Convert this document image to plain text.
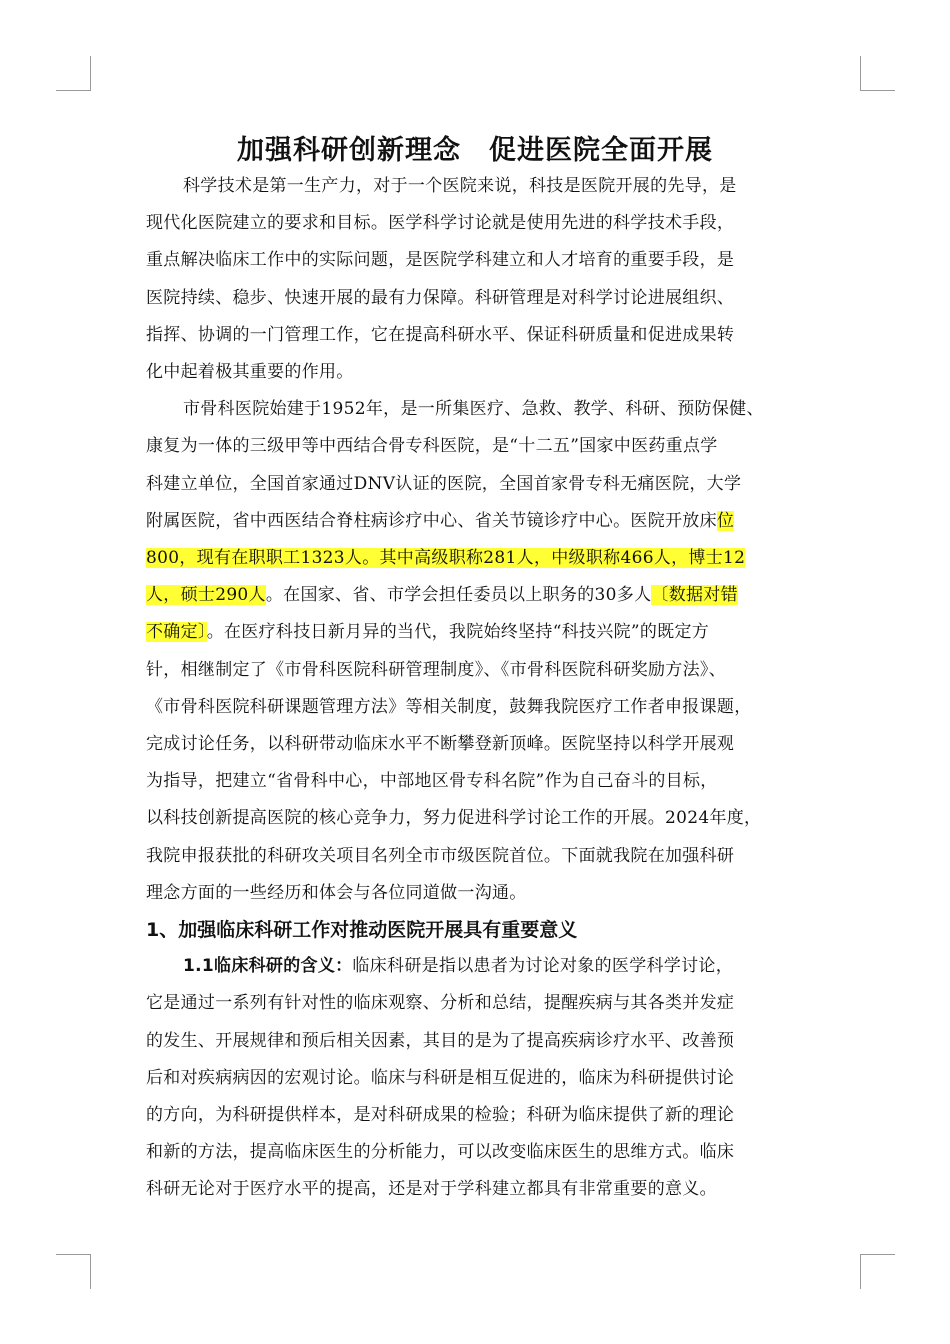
加强科研创新理念　促进医院全面开展

科学技术是第一生产力，对于一个医院来说，科技是医院开展的先导，是

现代化医院建立的要求和目标。医学科学讨论就是使用先进的科学技术手段，

重点解决临床工作中的实际问题，是医院学科建立和人才培育的重要手段，是

医院持续、稳步、快速开展的最有力保障。科研管理是对科学讨论进展组织、

指挥、协调的一门管理工作，它在提高科研水平、保证科研质量和促进成果转

化中起着极其重要的作用。

市骨科医院始建于1952年，是一所集医疗、急救、教学、科研、预防保健、

康复为一体的三级甲等中西结合骨专科医院，是“十二五”国家中医药重点学

科建立单位，全国首家通过DNV认证的医院，全国首家骨专科无痛医院，大学

附属医院，省中西医结合脊柱病诊疗中心、省关节镜诊疗中心。医院开放床位

800，现有在职职工1323人。其中高级职称281人，中级职称466人，博士12

人，硕士290人。在国家、省、市学会担任委员以上职务的30多人〔数据对错

不确定〕。在医疗科技日新月异的当代，我院始终坚持“科技兴院”的既定方

针，相继制定了《市骨科医院科研管理制度》、《市骨科医院科研奖励方法》、

《市骨科医院科研课题管理方法》等相关制度，鼓舞我院医疗工作者申报课题，

完成讨论任务，以科研带动临床水平不断攀登新顶峰。医院坚持以科学开展观

为指导，把建立“省骨科中心，中部地区骨专科名院”作为自己奋斗的目标，

以科技创新提高医院的核心竞争力，努力促进科学讨论工作的开展。2024年度，

我院申报获批的科研攻关项目名列全市市级医院首位。下面就我院在加强科研

理念方面的一些经历和体会与各位同道做一沟通。

1、加强临床科研工作对推动医院开展具有重要意义

1.1临床科研的含义：临床科研是指以患者为讨论对象的医学科学讨论，

它是通过一系列有针对性的临床观察、分析和总结，提醒疾病与其各类并发症

的发生、开展规律和预后相关因素，其目的是为了提高疾病诊疗水平、改善预

后和对疾病病因的宏观讨论。临床与科研是相互促进的，临床为科研提供讨论

的方向，为科研提供样本，是对科研成果的检验；科研为临床提供了新的理论

和新的方法，提高临床医生的分析能力，可以改变临床医生的思维方式。临床

科研无论对于医疗水平的提高，还是对于学科建立都具有非常重要的意义。
